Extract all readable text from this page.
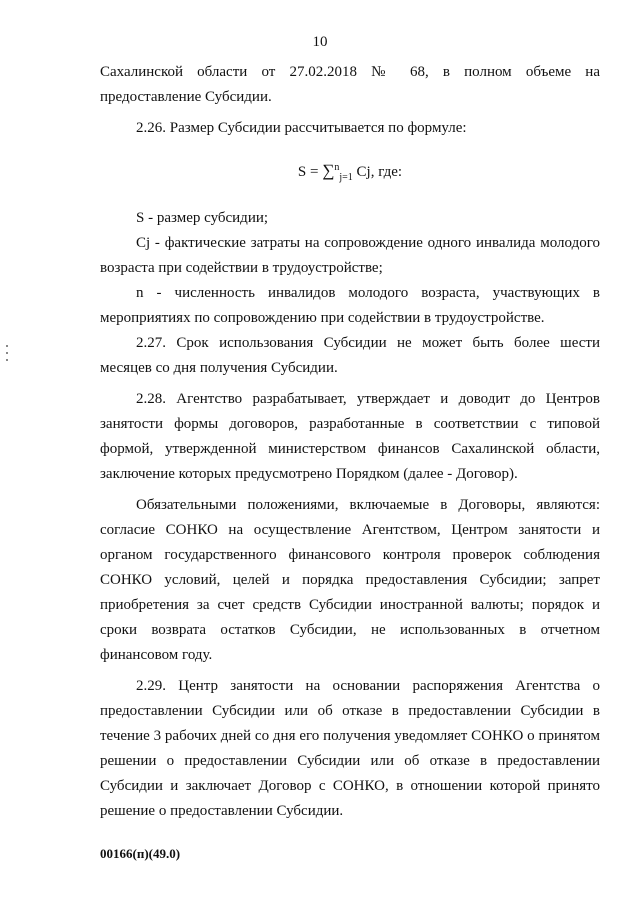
10

Сахалинской области от 27.02.2018 № 68, в полном объеме на предоставление Субсидии.

2.26. Размер Субсидии рассчитывается по формуле:

S = ∑$^n_{j=1}$ Cj, где:

S - размер субсидии;

Cj - фактические затраты на сопровождение одного инвалида молодого возраста при содействии в трудоустройстве;

n - численность инвалидов молодого возраста, участвующих в мероприятиях по сопровождению при содействии в трудоустройстве.

2.27. Срок использования Субсидии не может быть более шести месяцев со дня получения Субсидии.

2.28. Агентство разрабатывает, утверждает и доводит до Центров занятости формы договоров, разработанные в соответствии с типовой формой, утвержденной министерством финансов Сахалинской области, заключение которых предусмотрено Порядком (далее - Договор).

Обязательными положениями, включаемые в Договоры, являются: согласие СОНКО на осуществление Агентством, Центром занятости и органом государственного финансового контроля проверок соблюдения СОНКО условий, целей и порядка предоставления Субсидии; запрет приобретения за счет средств Субсидии иностранной валюты; порядок и сроки возврата остатков Субсидии, не использованных в отчетном финансовом году.

2.29. Центр занятости на основании распоряжения Агентства о предоставлении Субсидии или об отказе в предоставлении Субсидии в течение 3 рабочих дней со дня его получения уведомляет СОНКО о принятом решении о предоставлении Субсидии или об отказе в предоставлении Субсидии и заключает Договор с СОНКО, в отношении которой принято решение о предоставлении Субсидии.

00166(п)(49.0)
